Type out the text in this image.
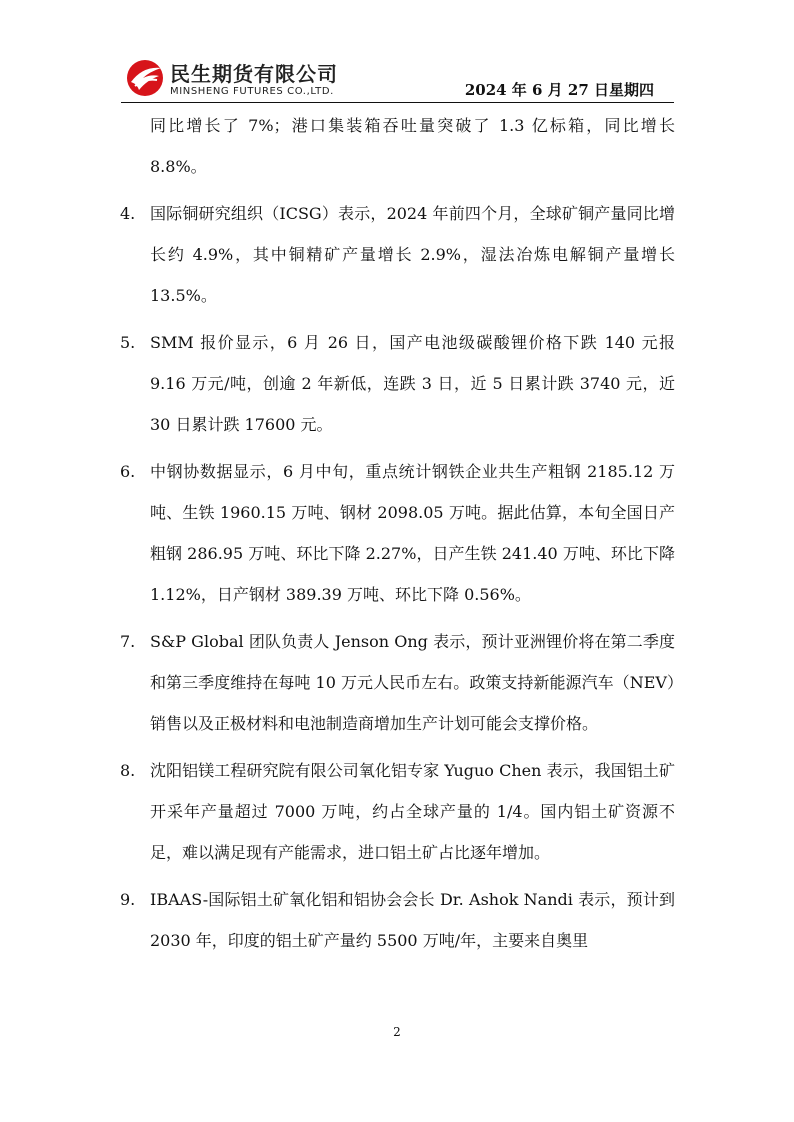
民生期货有限公司
MINSHENG FUTURES CO.,LTD.	2024 年 6 月 27 日星期四

同比增长了 7%；港口集装箱吞吐量突破了 1.3 亿标箱，同比增长 8.8%。

4. 国际铜研究组织（ICSG）表示，2024 年前四个月，全球矿铜产量同比增长约 4.9%，其中铜精矿产量增长 2.9%，湿法冶炼电解铜产量增长 13.5%。
5. SMM 报价显示，6 月 26 日，国产电池级碳酸锂价格下跌 140 元报 9.16 万元/吨，创逾 2 年新低，连跌 3 日，近 5 日累计跌 3740 元，近 30 日累计跌 17600 元。
6. 中钢协数据显示，6 月中旬，重点统计钢铁企业共生产粗钢 2185.12 万吨、生铁 1960.15 万吨、钢材 2098.05 万吨。据此估算，本旬全国日产粗钢 286.95 万吨、环比下降 2.27%，日产生铁 241.40 万吨、环比下降 1.12%，日产钢材 389.39 万吨、环比下降 0.56%。
7. S&P Global 团队负责人 Jenson Ong 表示，预计亚洲锂价将在第二季度和第三季度维持在每吨 10 万元人民币左右。政策支持新能源汽车（NEV）销售以及正极材料和电池制造商增加生产计划可能会支撑价格。
8. 沈阳铝镁工程研究院有限公司氧化铝专家 Yuguo Chen 表示，我国铝土矿开采年产量超过 7000 万吨，约占全球产量的 1/4。国内铝土矿资源不足，难以满足现有产能需求，进口铝土矿占比逐年增加。
9. IBAAS-国际铝土矿氧化铝和铝协会会长 Dr. Ashok Nandi 表示，预计到 2030 年，印度的铝土矿产量约 5500 万吨/年，主要来自奥里
2
